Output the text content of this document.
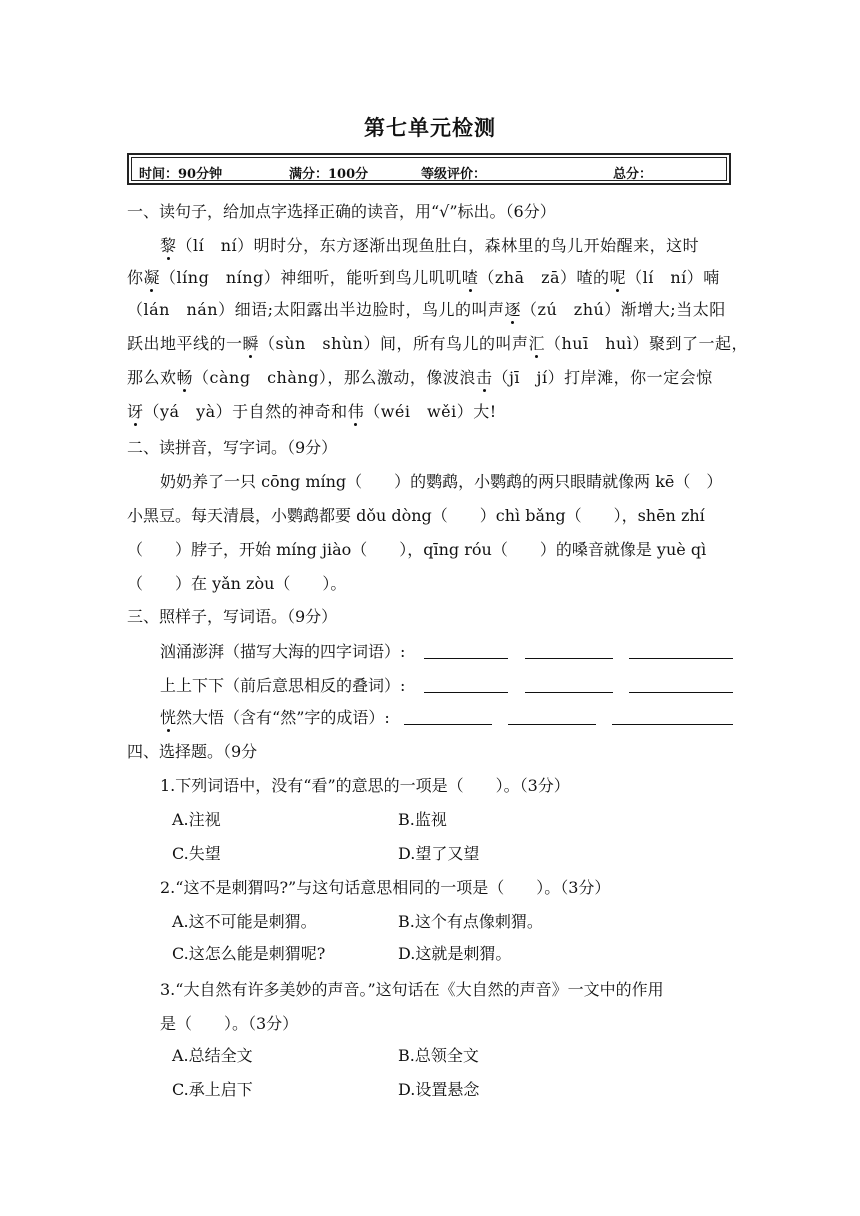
第七单元检测
时间：90分钟	满分：100分	等级评价：	总分：
一、读句子，给加点字选择正确的读音，用“√”标出。（6分）
黎（lí　ní）明时分，东方逐渐出现鱼肚白，森林里的鸟儿开始醒来，这时
你凝（líng　níng）神细听，能听到鸟儿叽叽喳（zhā　zā）喳的呢（lí　ní）喃
（lán　nán）细语;太阳露出半边脸时，鸟儿的叫声逐（zú　zhú）渐增大;当太阳
跃出地平线的一瞬（sùn　shùn）间，所有鸟儿的叫声汇（huī　huì）聚到了一起，
那么欢畅（càng　chàng），那么激动，像波浪击（jī　jí）打岸滩，你一定会惊
讶（yá　yà）于自然的神奇和伟（wéi　wěi）大!
二、读拼音，写字词。（9分）
奶奶养了一只 cōng míng（　　）的鹦鹉，小鹦鹉的两只眼睛就像两 kē（　）
小黑豆。每天清晨，小鹦鹉都要 dǒu dòng（　　）chì bǎng（　　），shēn zhí
（　　）脖子，开始 míng jiào（　　），qīng róu（　　）的嗓音就像是 yuè qì
（　　）在 yǎn zòu（　　）。
三、照样子，写词语。（9分）
汹涌澎湃（描写大海的四字词语）:
上上下下（前后意思相反的叠词）:
恍然大悟（含有“然”字的成语）:
四、选择题。（9分
1.下列词语中，没有“看”的意思的一项是（　　）。（3分）
A.注视	B.监视
C.失望	D.望了又望
2.“这不是刺猬吗?”与这句话意思相同的一项是（　　）。（3分）
A.这不可能是刺猬。	B.这个有点像刺猬。
C.这怎么能是刺猬呢?	D.这就是刺猬。
3.“大自然有许多美妙的声音。”这句话在《大自然的声音》一文中的作用
是（　　）。（3分）
A.总结全文	B.总领全文
C.承上启下	D.设置悬念
